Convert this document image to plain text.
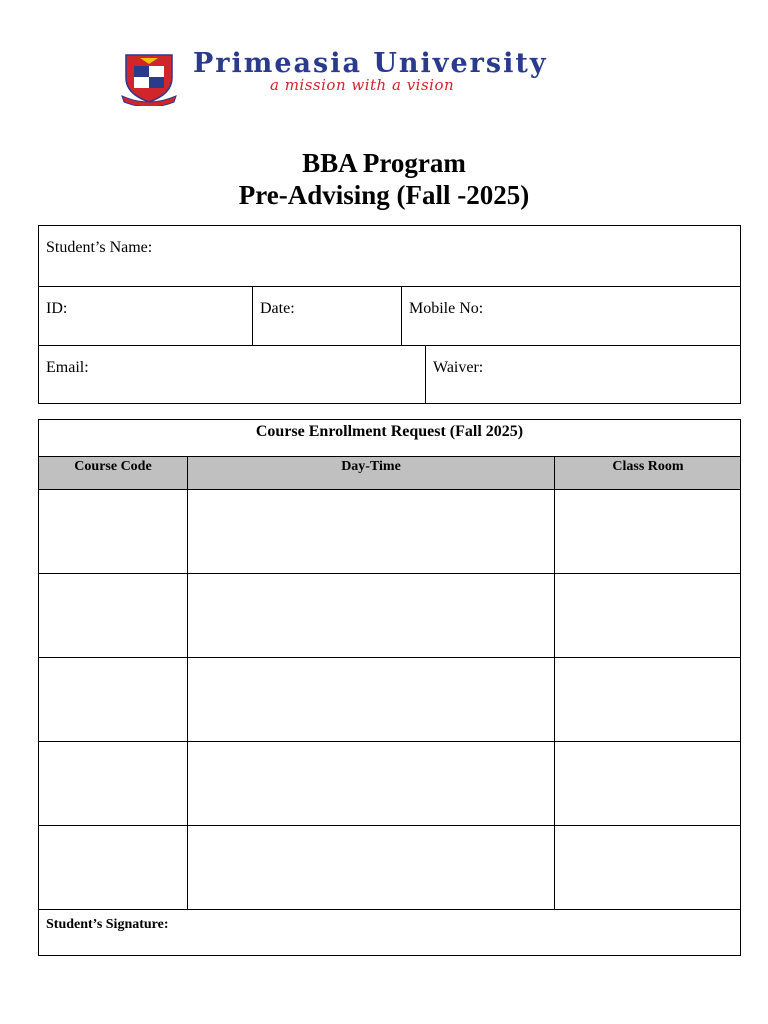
Primeasia University
a mission with a vision
BBA Program
Pre-Advising (Fall -2025)
Student’s Name:
ID:	Date:	Mobile No:
Email:	Waiver:
Course Enrollment Request (Fall 2025)
Course Code	Day-Time	Class Room
Student’s Signature:
